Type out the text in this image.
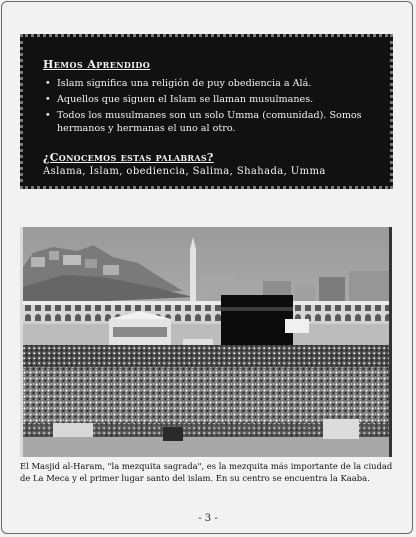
Hemos Aprendido
• Islam significa una religión de puy obediencia a Alá.
• Aquellos que siguen el Islam se llaman musulmanes.
• Todos los musulmanes son un solo Umma (comunidad). Somos hermanos y hermanas el uno al otro.
¿Conocemos estas palabras?
Aslama, Islam, obediencia, Salima, Shahada, Umma
El Masjid al-Haram, "la mezquita sagrada", es la mezquita más importante de la ciudad de La Meca y el primer lugar santo del islam. En su centro se encuentra la Kaaba.
- 3 -
